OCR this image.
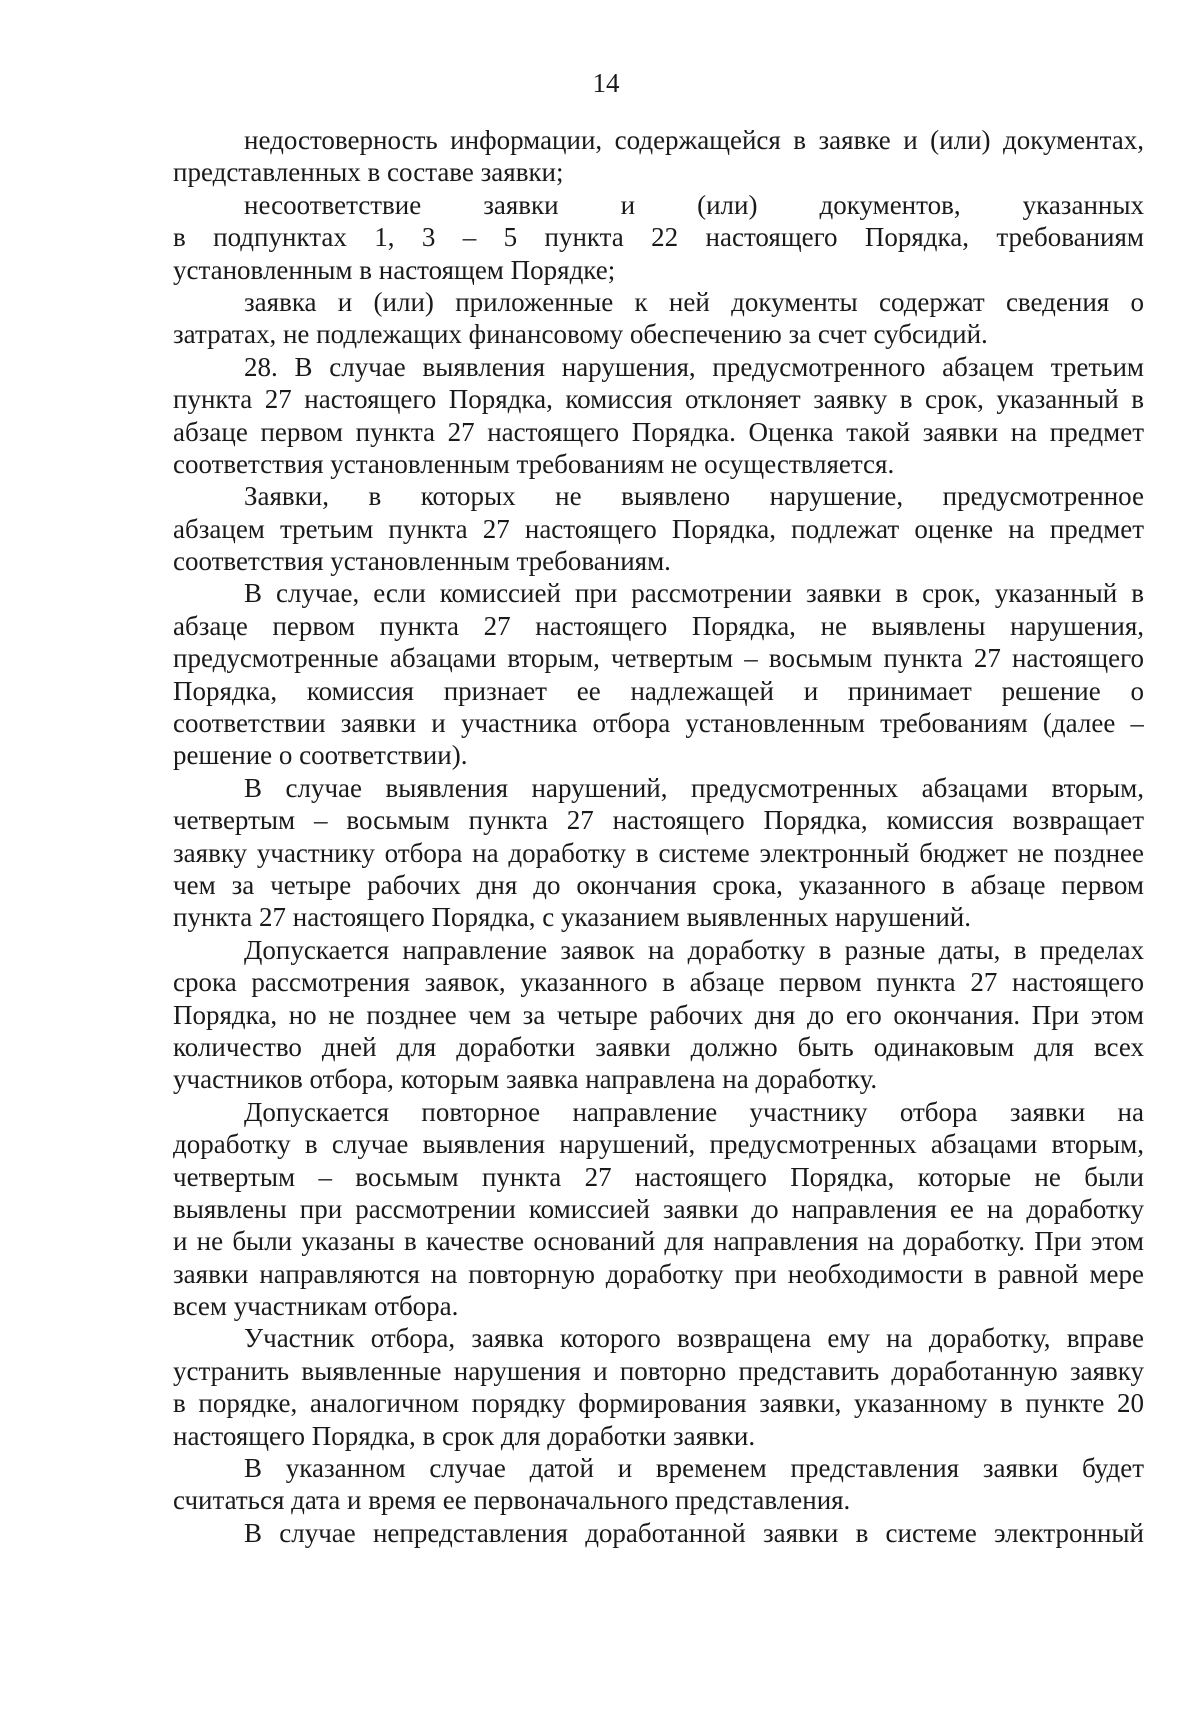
14
недостоверность информации, содержащейся в заявке и (или) документах,
представленных в составе заявки;
несоответствие заявки и (или) документов, указанных
в подпунктах 1, 3 – 5 пункта 22 настоящего Порядка, требованиям
установленным в настоящем Порядке;
заявка и (или) приложенные к ней документы содержат сведения о
затратах, не подлежащих финансовому обеспечению за счет субсидий.
28. В случае выявления нарушения, предусмотренного абзацем третьим
пункта 27 настоящего Порядка, комиссия отклоняет заявку в срок, указанный в
абзаце первом пункта 27 настоящего Порядка. Оценка такой заявки на предмет
соответствия установленным требованиям не осуществляется.
Заявки, в которых не выявлено нарушение, предусмотренное
абзацем третьим пункта 27 настоящего Порядка, подлежат оценке на предмет
соответствия установленным требованиям.
В случае, если комиссией при рассмотрении заявки в срок, указанный в
абзаце первом пункта 27 настоящего Порядка, не выявлены нарушения,
предусмотренные абзацами вторым, четвертым – восьмым пункта 27 настоящего
Порядка, комиссия признает ее надлежащей и принимает решение о
соответствии заявки и участника отбора установленным требованиям (далее –
решение о соответствии).
В случае выявления нарушений, предусмотренных абзацами вторым,
четвертым – восьмым пункта 27 настоящего Порядка, комиссия возвращает
заявку участнику отбора на доработку в системе электронный бюджет не позднее
чем за четыре рабочих дня до окончания срока, указанного в абзаце первом
пункта 27 настоящего Порядка, с указанием выявленных нарушений.
Допускается направление заявок на доработку в разные даты, в пределах
срока рассмотрения заявок, указанного в абзаце первом пункта 27 настоящего
Порядка, но не позднее чем за четыре рабочих дня до его окончания. При этом
количество дней для доработки заявки должно быть одинаковым для всех
участников отбора, которым заявка направлена на доработку.
Допускается повторное направление участнику отбора заявки на
доработку в случае выявления нарушений, предусмотренных абзацами вторым,
четвертым – восьмым пункта 27 настоящего Порядка, которые не были
выявлены при рассмотрении комиссией заявки до направления ее на доработку
и не были указаны в качестве оснований для направления на доработку. При этом
заявки направляются на повторную доработку при необходимости в равной мере
всем участникам отбора.
Участник отбора, заявка которого возвращена ему на доработку, вправе
устранить выявленные нарушения и повторно представить доработанную заявку
в порядке, аналогичном порядку формирования заявки, указанному в пункте 20
настоящего Порядка, в срок для доработки заявки.
В указанном случае датой и временем представления заявки будет
считаться дата и время ее первоначального представления.
В случае непредставления доработанной заявки в системе электронный
